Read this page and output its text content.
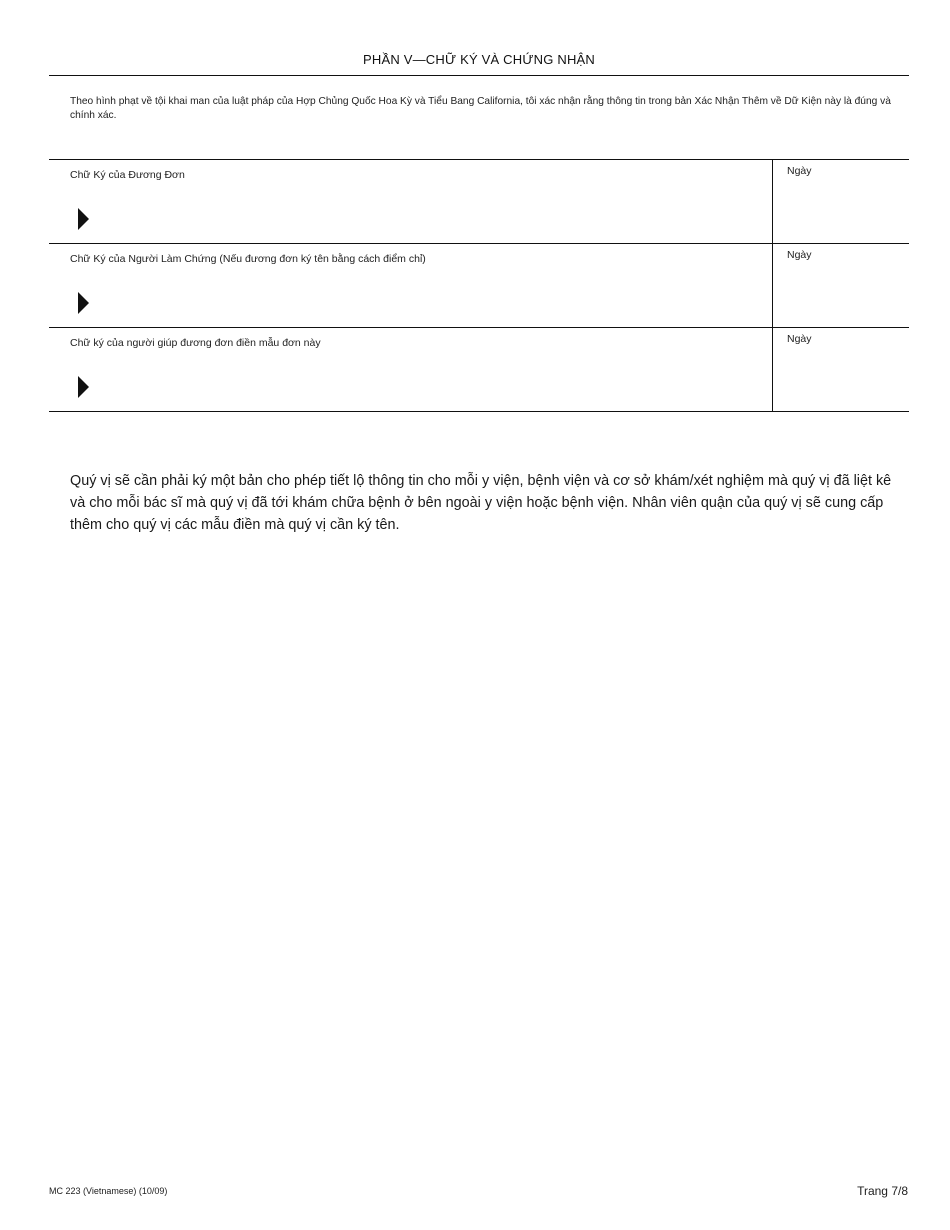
PHẦN V—CHỮ KÝ VÀ CHỨNG NHẬN
Theo hình phạt về tội khai man của luật pháp của Hợp Chủng Quốc Hoa Kỳ và Tiểu Bang California, tôi xác nhận rằng thông tin trong bản Xác Nhận Thêm về Dữ Kiện này là đúng và chính xác.
Chữ Ký của Đương Đơn	Ngày
Chữ Ký của Người Làm Chứng (Nếu đương đơn ký tên bằng cách điểm chỉ)	Ngày
Chữ ký của người giúp đương đơn điền mẫu đơn này	Ngày
Quý vị sẽ cần phải ký một bản cho phép tiết lộ thông tin cho mỗi y viện, bệnh viện và cơ sở khám/xét nghiệm mà quý vị đã liệt kê và cho mỗi bác sĩ mà quý vị đã tới khám chữa bệnh ở bên ngoài y viện hoặc bệnh viện. Nhân viên quận của quý vị sẽ cung cấp thêm cho quý vị các mẫu điền mà quý vị cần ký tên.
MC 223 (Vietnamese) (10/09)	Trang 7/8
